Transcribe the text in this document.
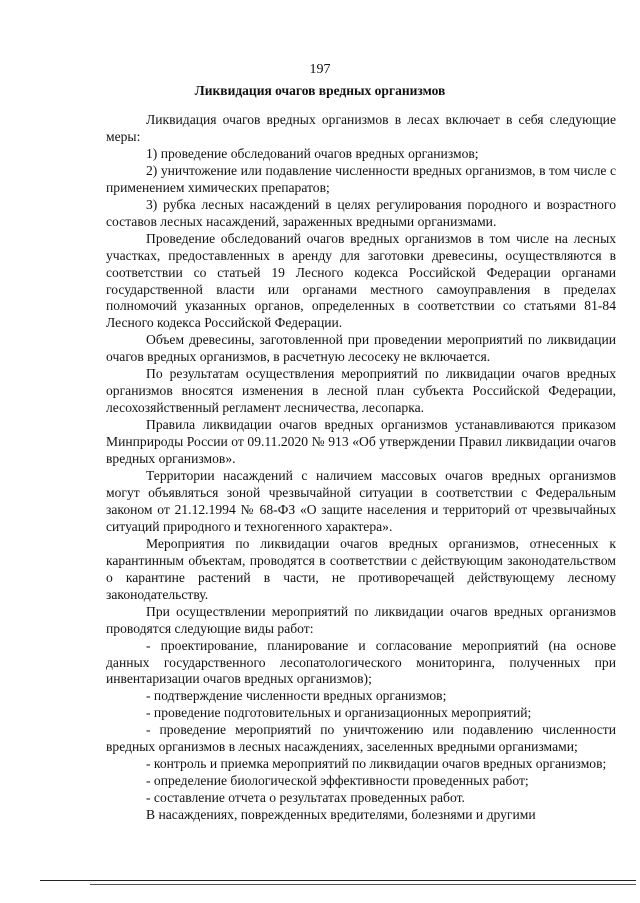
197
Ликвидация очагов вредных организмов

Ликвидация очагов вредных организмов в лесах включает в себя следующие меры:

1) проведение обследований очагов вредных организмов;

2) уничтожение или подавление численности вредных организмов, в том числе с применением химических препаратов;

3) рубка лесных насаждений в целях регулирования породного и возрастного составов лесных насаждений, зараженных вредными организмами.

Проведение обследований очагов вредных организмов в том числе на лесных участках, предоставленных в аренду для заготовки древесины, осуществляются в соответствии со статьей 19 Лесного кодекса Российской Федерации органами государственной власти или органами местного самоуправления в пределах полномочий указанных органов, определенных в соответствии со статьями 81-84 Лесного кодекса Российской Федерации.

Объем древесины, заготовленной при проведении мероприятий по ликвидации очагов вредных организмов, в расчетную лесосеку не включается.

По результатам осуществления мероприятий по ликвидации очагов вредных организмов вносятся изменения в лесной план субъекта Российской Федерации, лесохозяйственный регламент лесничества, лесопарка.

Правила ликвидации очагов вредных организмов устанавливаются приказом Минприроды России от 09.11.2020 № 913 «Об утверждении Правил ликвидации очагов вредных организмов».

Территории насаждений с наличием массовых очагов вредных организмов могут объявляться зоной чрезвычайной ситуации в соответствии с Федеральным законом от 21.12.1994 № 68-ФЗ «О защите населения и территорий от чрезвычайных ситуаций природного и техногенного характера».

Мероприятия по ликвидации очагов вредных организмов, отнесенных к карантинным объектам, проводятся в соответствии с действующим законодательством о карантине растений в части, не противоречащей действующему лесному законодательству.

При осуществлении мероприятий по ликвидации очагов вредных организмов проводятся следующие виды работ:

- проектирование, планирование и согласование мероприятий (на основе данных государственного лесопатологического мониторинга, полученных при инвентаризации очагов вредных организмов);

- подтверждение численности вредных организмов;

- проведение подготовительных и организационных мероприятий;

- проведение мероприятий по уничтожению или подавлению численности вредных организмов в лесных насаждениях, заселенных вредными организмами;

- контроль и приемка мероприятий по ликвидации очагов вредных организмов;

- определение биологической эффективности проведенных работ;

- составление отчета о результатах проведенных работ.

В насаждениях, поврежденных вредителями, болезнями и другими
